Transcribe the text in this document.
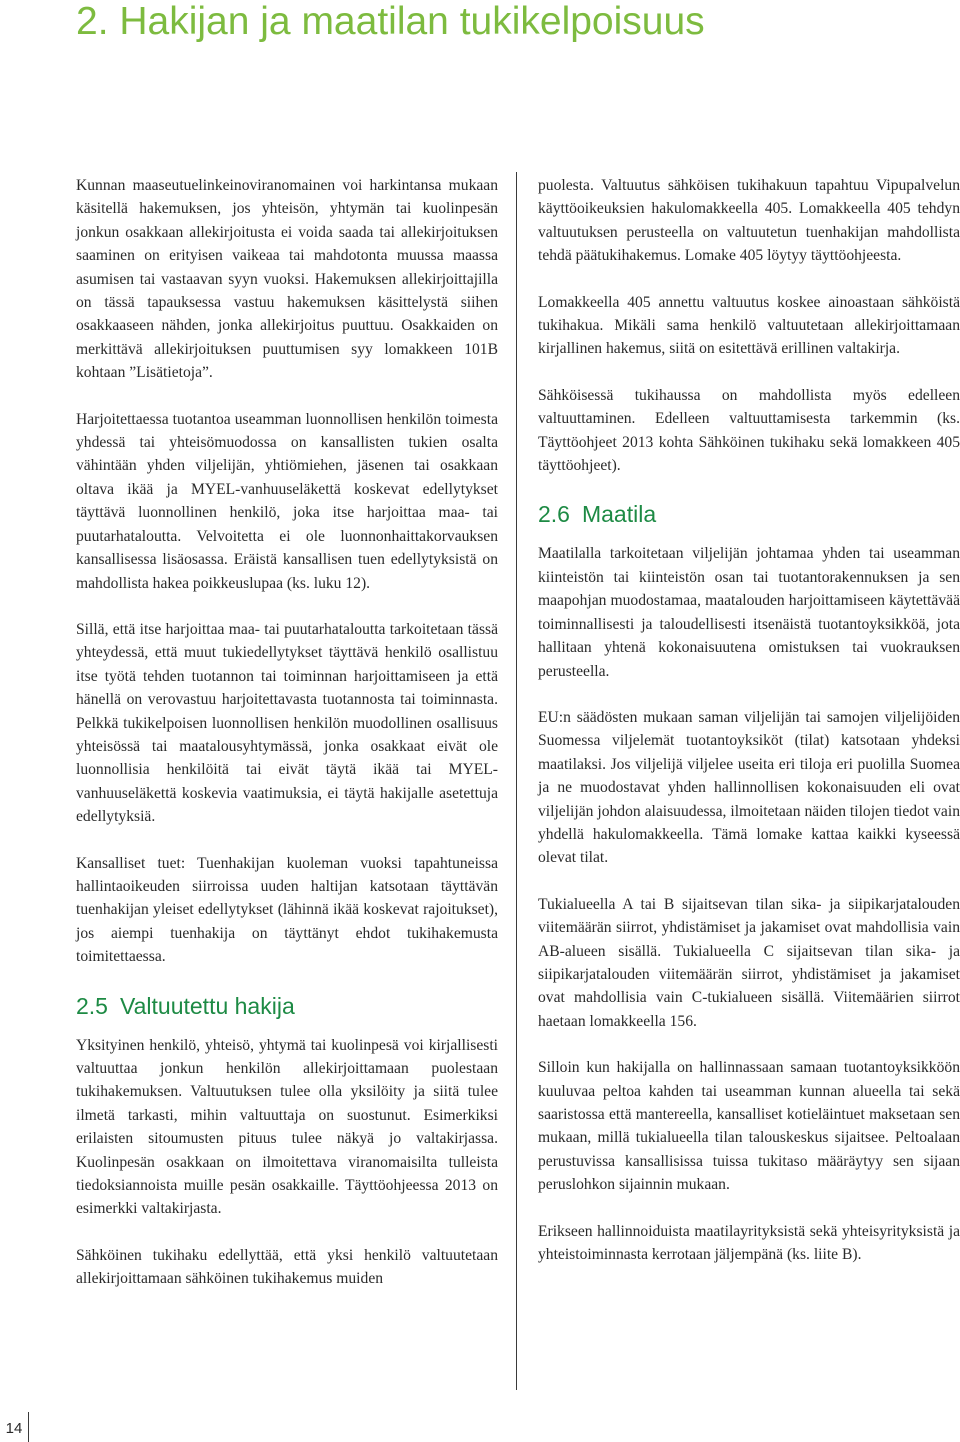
2. Hakijan ja maatilan tukikelpoisuus

Kunnan maaseutuelinkeinoviranomainen voi harkintansa mukaan käsitellä hakemuksen, jos yhteisön, yhtymän tai kuolinpesän jonkun osakkaan allekirjoitusta ei voida saada tai allekirjoituksen saaminen on erityisen vaikeaa tai mahdotonta muussa maassa asumisen tai vastaavan syyn vuoksi. Hakemuksen allekirjoittajilla on tässä tapauksessa vastuu hakemuksen käsittelystä siihen osakkaaseen nähden, jonka allekirjoitus puuttuu. Osakkaiden on merkittävä allekirjoituksen puuttumisen syy lomakkeen 101B kohtaan ”Lisätietoja”.

Harjoitettaessa tuotantoa useamman luonnollisen henkilön toimesta yhdessä tai yhteisömuodossa on kansallisten tukien osalta vähintään yhden viljelijän, yhtiömiehen, jäsenen tai osakkaan oltava ikää ja MYEL-vanhuuseläkettä koskevat edellytykset täyttävä luonnollinen henkilö, joka itse harjoittaa maa- tai puutarhataloutta. Velvoitetta ei ole luonnonhaittakorvauksen kansallisessa lisäosassa. Eräistä kansallisen tuen edellytyksistä on mahdollista hakea poikkeuslupaa (ks. luku 12).

Sillä, että itse harjoittaa maa- tai puutarhataloutta tarkoitetaan tässä yhteydessä, että muut tukiedellytykset täyttävä henkilö osallistuu itse työtä tehden tuotannon tai toiminnan harjoittamiseen ja että hänellä on verovastuu harjoitettavasta tuotannosta tai toiminnasta. Pelkkä tukikelpoisen luonnollisen henkilön muodollinen osallisuus yhteisössä tai maatalousyhtymässä, jonka osakkaat eivät ole luonnollisia henkilöitä tai eivät täytä ikää tai MYEL-vanhuuseläkettä koskevia vaatimuksia, ei täytä hakijalle asetettuja edellytyksiä.

Kansalliset tuet: Tuenhakijan kuoleman vuoksi tapahtuneissa hallintaoikeuden siirroissa uuden haltijan katsotaan täyttävän tuenhakijan yleiset edellytykset (lähinnä ikää koskevat rajoitukset), jos aiempi tuenhakija on täyttänyt ehdot tukihakemusta toimitettaessa.

2.5 Valtuutettu hakija

Yksityinen henkilö, yhteisö, yhtymä tai kuolinpesä voi kirjallisesti valtuuttaa jonkun henkilön allekirjoittamaan puolestaan tukihakemuksen. Valtuutuksen tulee olla yksilöity ja siitä tulee ilmetä tarkasti, mihin valtuuttaja on suostunut. Esimerkiksi erilaisten sitoumusten pituus tulee näkyä jo valtakirjassa. Kuolinpesän osakkaan on ilmoitettava viranomaisilta tulleista tiedoksiannoista muille pesän osakkaille. Täyttöohjeessa 2013 on esimerkki valtakirjasta.

Sähköinen tukihaku edellyttää, että yksi henkilö valtuutetaan allekirjoittamaan sähköinen tukihakemus muiden

puolesta. Valtuutus sähköisen tukihakuun tapahtuu Vipupalvelun käyttöoikeuksien hakulomakkeella 405. Lomakkeella 405 tehdyn valtuutuksen perusteella on valtuutetun tuenhakijan mahdollista tehdä päätukihakemus. Lomake 405 löytyy täyttöohjeesta.

Lomakkeella 405 annettu valtuutus koskee ainoastaan sähköistä tukihakua. Mikäli sama henkilö valtuutetaan allekirjoittamaan kirjallinen hakemus, siitä on esitettävä erillinen valtakirja.

Sähköisessä tukihaussa on mahdollista myös edelleen valtuuttaminen. Edelleen valtuuttamisesta tarkemmin (ks. Täyttöohjeet 2013 kohta Sähköinen tukihaku sekä lomakkeen 405 täyttöohjeet).

2.6 Maatila

Maatilalla tarkoitetaan viljelijän johtamaa yhden tai useamman kiinteistön tai kiinteistön osan tai tuotantorakennuksen ja sen maapohjan muodostamaa, maatalouden harjoittamiseen käytettävää toiminnallisesti ja taloudellisesti itsenäistä tuotantoyksikköä, jota hallitaan yhtenä kokonaisuutena omistuksen tai vuokrauksen perusteella.

EU:n säädösten mukaan saman viljelijän tai samojen viljelijöiden Suomessa viljelemät tuotantoyksiköt (tilat) katsotaan yhdeksi maatilaksi. Jos viljelijä viljelee useita eri tiloja eri puolilla Suomea ja ne muodostavat yhden hallinnollisen kokonaisuuden eli ovat viljelijän johdon alaisuudessa, ilmoitetaan näiden tilojen tiedot vain yhdellä hakulomakkeella. Tämä lomake kattaa kaikki kyseessä olevat tilat.

Tukialueella A tai B sijaitsevan tilan sika- ja siipikarjatalouden viitemäärän siirrot, yhdistämiset ja jakamiset ovat mahdollisia vain AB-alueen sisällä. Tukialueella C sijaitsevan tilan sika- ja siipikarjatalouden viitemäärän siirrot, yhdistämiset ja jakamiset ovat mahdollisia vain C-tukialueen sisällä. Viitemäärien siirrot haetaan lomakkeella 156.

Silloin kun hakijalla on hallinnassaan samaan tuotantoyksikköön kuuluvaa peltoa kahden tai useamman kunnan alueella tai sekä saaristossa että mantereella, kansalliset kotieläintuet maksetaan sen mukaan, millä tukialueella tilan talouskeskus sijaitsee. Peltoalaan perustuvissa kansallisissa tuissa tukitaso määräytyy sen sijaan peruslohkon sijainnin mukaan.

Erikseen hallinnoiduista maatilayrityksistä sekä yhteisyrityksistä ja yhteistoiminnasta kerrotaan jäljempänä (ks. liite B).

14
